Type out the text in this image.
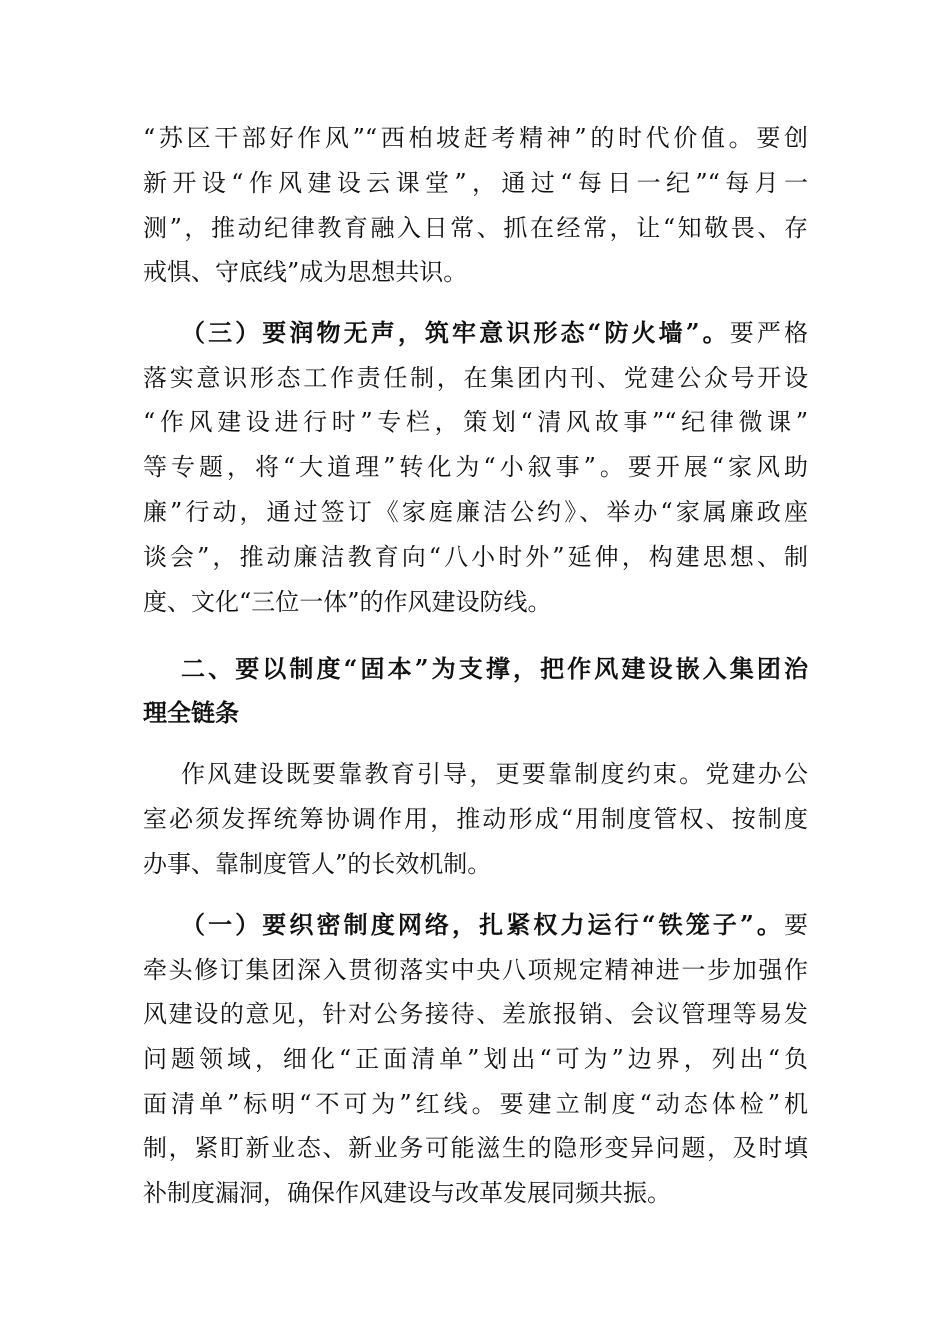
“苏区干部好作风”“西柏坡赶考精神”的时代价值。要创
新开设“作风建设云课堂”，通过“每日一纪”“每月一
测”，推动纪律教育融入日常、抓在经常，让“知敬畏、存
戒惧、守底线”成为思想共识。
（三）要润物无声，筑牢意识形态“防火墙”。要严格
落实意识形态工作责任制，在集团内刊、党建公众号开设
“作风建设进行时”专栏，策划“清风故事”“纪律微课”
等专题，将“大道理”转化为“小叙事”。要开展“家风助
廉”行动，通过签订《家庭廉洁公约》、举办“家属廉政座
谈会”，推动廉洁教育向“八小时外”延伸，构建思想、制
度、文化“三位一体”的作风建设防线。
二、要以制度“固本”为支撑，把作风建设嵌入集团治
理全链条
作风建设既要靠教育引导，更要靠制度约束。党建办公
室必须发挥统筹协调作用，推动形成“用制度管权、按制度
办事、靠制度管人”的长效机制。
（一）要织密制度网络，扎紧权力运行“铁笼子”。要
牵头修订集团深入贯彻落实中央八项规定精神进一步加强作
风建设的意见，针对公务接待、差旅报销、会议管理等易发
问题领域，细化“正面清单”划出“可为”边界，列出“负
面清单”标明“不可为”红线。要建立制度“动态体检”机
制，紧盯新业态、新业务可能滋生的隐形变异问题，及时填
补制度漏洞，确保作风建设与改革发展同频共振。
